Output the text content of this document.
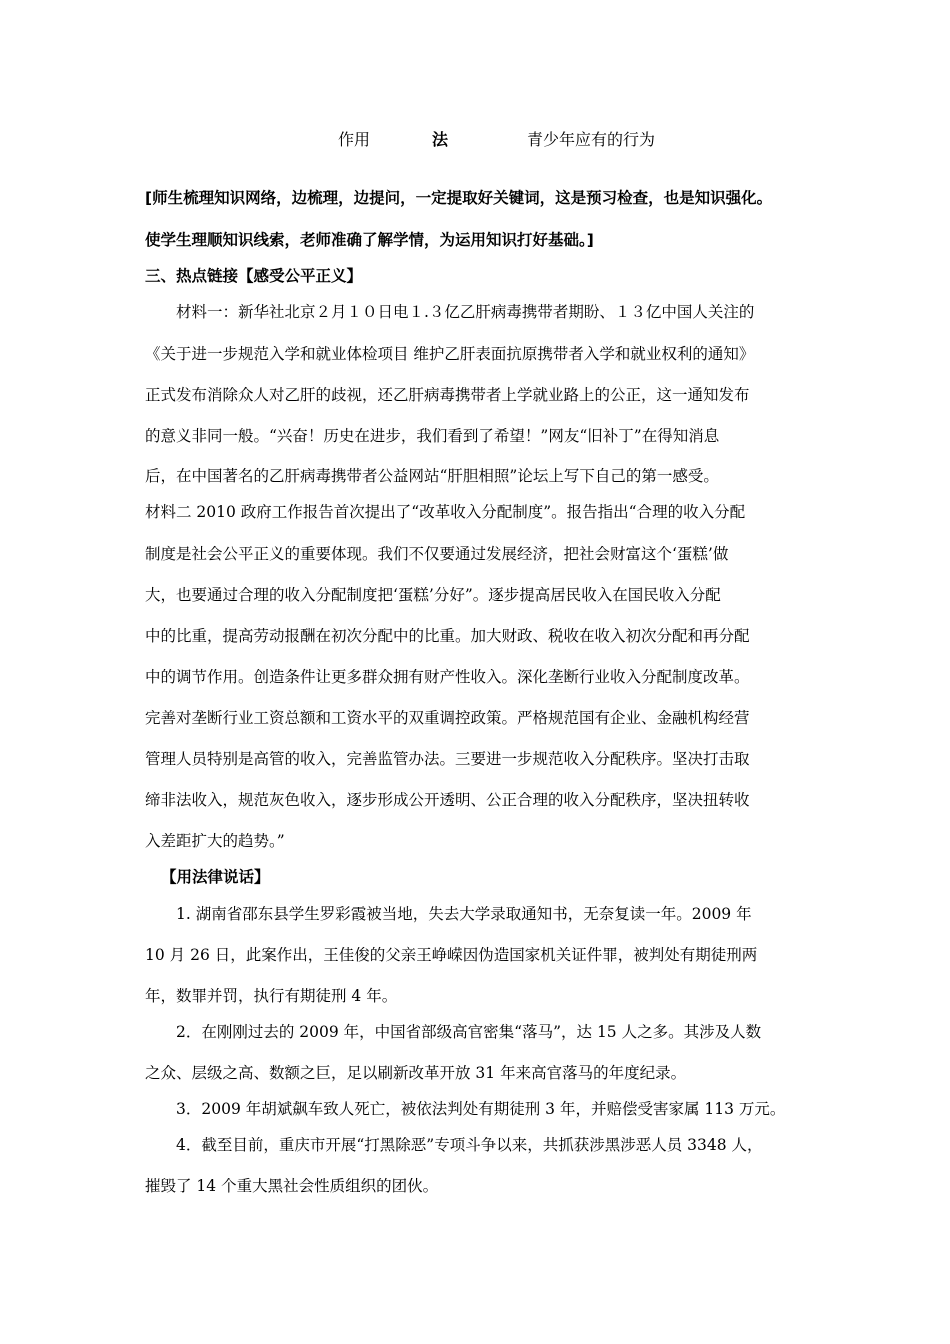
作用	法	青少年应有的行为
[师生梳理知识网络，边梳理，边提问，一定提取好关键词，这是预习检查，也是知识强化。
使学生理顺知识线索，老师准确了解学情，为运用知识打好基础。]
三、热点链接【感受公平正义】
材料一：新华社北京２月１０日电１.３亿乙肝病毒携带者期盼、１３亿中国人关注的
《关于进一步规范入学和就业体检项目 维护乙肝表面抗原携带者入学和就业权利的通知》
正式发布消除众人对乙肝的歧视，还乙肝病毒携带者上学就业路上的公正，这一通知发布
的意义非同一般。“兴奋！历史在进步，我们看到了希望！”网友“旧补丁”在得知消息
后，在中国著名的乙肝病毒携带者公益网站“肝胆相照”论坛上写下自己的第一感受。
材料二 2010 政府工作报告首次提出了“改革收入分配制度”。报告指出“合理的收入分配
制度是社会公平正义的重要体现。我们不仅要通过发展经济，把社会财富这个‘蛋糕’做
大，也要通过合理的收入分配制度把‘蛋糕’分好”。逐步提高居民收入在国民收入分配
中的比重，提高劳动报酬在初次分配中的比重。加大财政、税收在收入初次分配和再分配
中的调节作用。创造条件让更多群众拥有财产性收入。深化垄断行业收入分配制度改革。
完善对垄断行业工资总额和工资水平的双重调控政策。严格规范国有企业、金融机构经营
管理人员特别是高管的收入，完善监管办法。三要进一步规范收入分配秩序。坚决打击取
缔非法收入，规范灰色收入，逐步形成公开透明、公正合理的收入分配秩序，坚决扭转收
入差距扩大的趋势。”
【用法律说话】
1. 湖南省邵东县学生罗彩霞被当地，失去大学录取通知书，无奈复读一年。2009 年
10 月 26 日，此案作出，王佳俊的父亲王峥嵘因伪造国家机关证件罪，被判处有期徒刑两
年，数罪并罚，执行有期徒刑 4 年。
2．在刚刚过去的 2009 年，中国省部级高官密集“落马”，达 15 人之多。其涉及人数
之众、层级之高、数额之巨，足以刷新改革开放 31 年来高官落马的年度纪录。
3．2009 年胡斌飙车致人死亡，被依法判处有期徒刑 3 年，并赔偿受害家属 113 万元。
4．截至目前，重庆市开展“打黑除恶”专项斗争以来，共抓获涉黑涉恶人员 3348 人，
摧毁了 14 个重大黑社会性质组织的团伙。
